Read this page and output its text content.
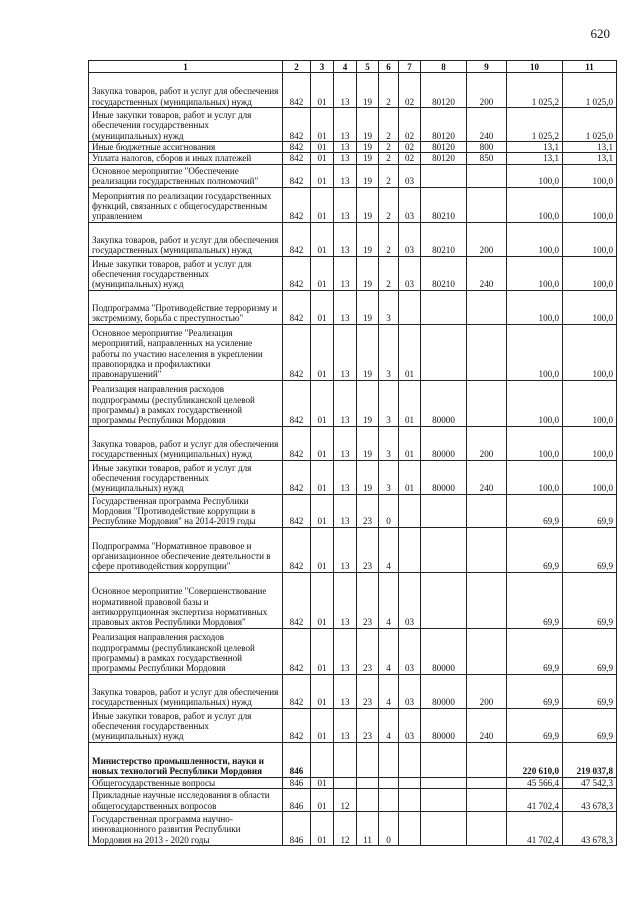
620
1	2	3	4	5	6	7	8	9	10	11
Закупка товаров, работ и услуг для обеспечения государственных (муниципальных) нужд	842	01	13	19	2	02	80120	200	1 025,2	1 025,0
Иные закупки товаров, работ и услуг для обеспечения государственных (муниципальных) нужд	842	01	13	19	2	02	80120	240	1 025,2	1 025,0
Иные бюджетные ассигнования	842	01	13	19	2	02	80120	800	13,1	13,1
Уплата налогов, сборов и иных платежей	842	01	13	19	2	02	80120	850	13,1	13,1
Основное мероприятие "Обеспечение реализации государственных полномочий"	842	01	13	19	2	03			100,0	100,0
Мероприятия по реализации государственных функций, связанных с общегосударственным управлением	842	01	13	19	2	03	80210		100,0	100,0
Закупка товаров, работ и услуг для обеспечения государственных (муниципальных) нужд	842	01	13	19	2	03	80210	200	100,0	100,0
Иные закупки товаров, работ и услуг для обеспечения государственных (муниципальных) нужд	842	01	13	19	2	03	80210	240	100,0	100,0
Подпрограмма "Противодействие терроризму и экстремизму, борьба с преступностью"	842	01	13	19	3				100,0	100,0
Основное мероприятие "Реализация мероприятий, направленных на усиление работы по участию населения в укреплении правопорядка и профилактики правонарушений"	842	01	13	19	3	01			100,0	100,0
Реализация направления расходов подпрограммы (республиканской целевой программы) в рамках государственной программы Республики Мордовия	842	01	13	19	3	01	80000		100,0	100,0
Закупка товаров, работ и услуг для обеспечения государственных (муниципальных) нужд	842	01	13	19	3	01	80000	200	100,0	100,0
Иные закупки товаров, работ и услуг для обеспечения государственных (муниципальных) нужд	842	01	13	19	3	01	80000	240	100,0	100,0
Государственная программа Республики Мордовия "Противодействие коррупции в Республике Мордовия" на 2014-2019 годы	842	01	13	23	0				69,9	69,9
Подпрограмма "Нормативное правовое и организационное обеспечение деятельности в сфере противодействия коррупции"	842	01	13	23	4				69,9	69,9
Основное мероприятие "Совершенствование нормативной правовой базы и антикоррупционная экспертиза нормативных правовых актов Республики Мордовия"	842	01	13	23	4	03			69,9	69,9
Реализация направления расходов подпрограммы (республиканской целевой программы) в рамках государственной программы Республики Мордовия	842	01	13	23	4	03	80000		69,9	69,9
Закупка товаров, работ и услуг для обеспечения государственных (муниципальных) нужд	842	01	13	23	4	03	80000	200	69,9	69,9
Иные закупки товаров, работ и услуг для обеспечения государственных (муниципальных) нужд	842	01	13	23	4	03	80000	240	69,9	69,9
Министерство промышленности, науки и новых технологий Республики Мордовия	846								220 610,0	219 037,8
Общегосударственные вопросы	846	01							45 566,4	47 542,3
Прикладные научные исследования в области общегосударственных вопросов	846	01	12						41 702,4	43 678,3
Государственная программа научно-инновационного развития Республики Мордовия на 2013 - 2020 годы	846	01	12	11	0				41 702,4	43 678,3
